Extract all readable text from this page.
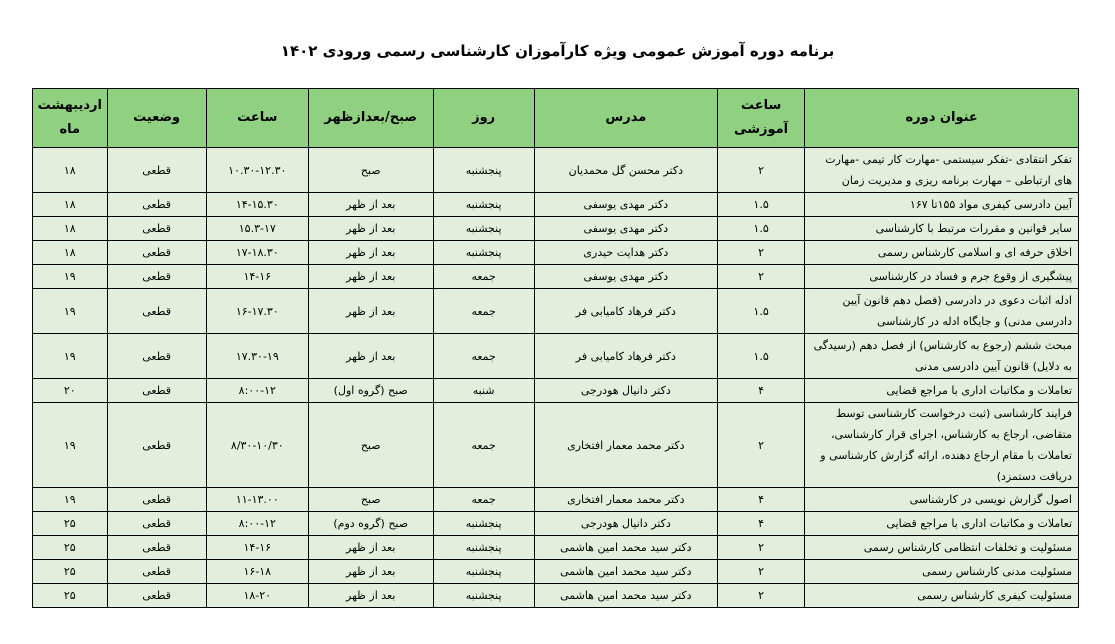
برنامه دوره آموزش عمومی ویژه کارآموزان کارشناسی رسمی ورودی ۱۴۰۲
عنوان دوره	ساعت آموزشی	مدرس	روز	صبح/بعدازظهر	ساعت	وضعیت	اردیبهشت ماه
تفکر انتقادی -تفکر سیستمی -مهارت کار تیمی -مهارت های ارتباطی – مهارت برنامه ریزی و مدیریت زمان	۲	دکتر محسن گل محمدیان	پنجشنبه	صبح	۱۰.۳۰-۱۲.۳۰	قطعی	۱۸
آیین دادرسی کیفری مواد ۱۵۵تا ۱۶۷	۱.۵	دکتر مهدی یوسفی	پنجشنبه	بعد از ظهر	۱۴-۱۵.۳۰	قطعی	۱۸
سایر قوانین و مقررات مرتبط با کارشناسی	۱.۵	دکتر مهدی یوسفی	پنجشنبه	بعد از ظهر	۱۵.۳-۱۷	قطعی	۱۸
اخلاق حرفه ای و اسلامی کارشناس رسمی	۲	دکتر هدایت حیدری	پنجشنبه	بعد از ظهر	۱۷-۱۸.۳۰	قطعی	۱۸
پیشگیری از وقوع جرم و فساد در کارشناسی	۲	دکتر مهدی یوسفی	جمعه	بعد از ظهر	۱۴-۱۶	قطعی	۱۹
ادله اثبات دعوی در دادرسی (فصل دهم قانون آیین دادرسی مدنی) و جایگاه ادله در کارشناسی	۱.۵	دکتر فرهاد کامیابی فر	جمعه	بعد از ظهر	۱۶-۱۷.۳۰	قطعی	۱۹
مبحث ششم (رجوع به کارشناس) از فصل دهم (رسیدگی به دلایل) قانون آیین دادرسی مدنی	۱.۵	دکتر فرهاد کامیابی فر	جمعه	بعد از ظهر	۱۷.۳۰-۱۹	قطعی	۱۹
تعاملات و مکاتبات اداری با مراجع قضایی	۴	دکتر دانیال هودرجی	شنبه	صبح (گروه اول)	۸:۰۰-۱۲	قطعی	۲۰
فرایند کارشناسی (ثبت درخواست کارشناسی توسط متقاضی، ارجاع به کارشناس، اجرای قرار کارشناسی، تعاملات با مقام ارجاع دهنده، ارائه گزارش کارشناسی و دریافت دستمزد)	۲	دکتر محمد معمار افتخاری	جمعه	صبح	۸/۳۰-۱۰/۳۰	قطعی	۱۹
اصول گزارش نویسی در کارشناسی	۴	دکتر محمد معمار افتخاری	جمعه	صبح	۱۱-۱۳.۰۰	قطعی	۱۹
تعاملات و مکاتبات اداری با مراجع قضایی	۴	دکتر دانیال هودرجی	پنجشنبه	صبح (گروه دوم)	۸:۰۰-۱۲	قطعی	۲۵
مسئولیت و تخلفات انتظامی کارشناس رسمی	۲	دکتر سید محمد امین هاشمی	پنجشنبه	بعد از ظهر	۱۴-۱۶	قطعی	۲۵
مسئولیت مدنی کارشناس رسمی	۲	دکتر سید محمد امین هاشمی	پنجشنبه	بعد از ظهر	۱۶-۱۸	قطعی	۲۵
مسئولیت کیفری کارشناس رسمی	۲	دکتر سید محمد امین هاشمی	پنجشنبه	بعد از ظهر	۱۸-۲۰	قطعی	۲۵
